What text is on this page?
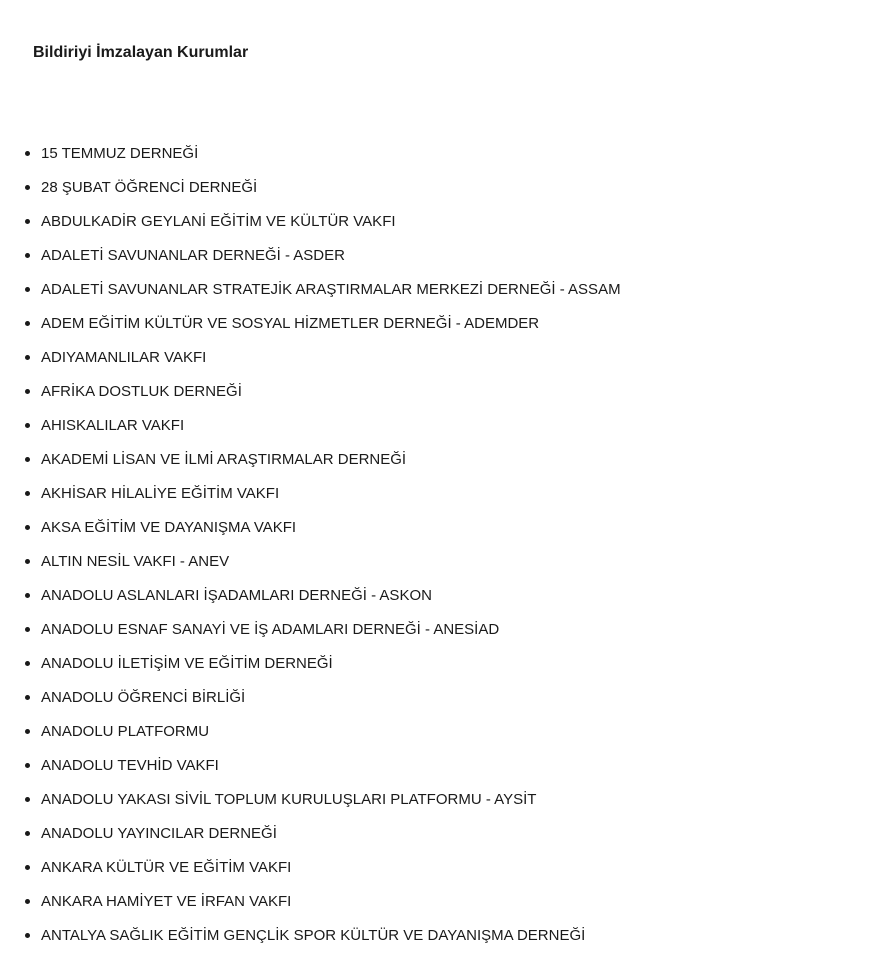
Bildiriyi İmzalayan Kurumlar
15 TEMMUZ DERNEĞİ
28 ŞUBAT ÖĞRENCİ DERNEĞİ
ABDULKADİR GEYLANİ EĞİTİM VE KÜLTÜR VAKFI
ADALETİ SAVUNANLAR DERNEĞİ - ASDER
ADALETİ SAVUNANLAR STRATEJİK ARAŞTIRMALAR MERKEZİ DERNEĞİ - ASSAM
ADEM EĞİTİM KÜLTÜR VE SOSYAL HİZMETLER DERNEĞİ - ADEMDER
ADIYAMANLILAR VAKFI
AFRİKA DOSTLUK DERNEĞİ
AHISKALILAR VAKFI
AKADEMİ LİSAN VE İLMİ ARAŞTIRMALAR DERNEĞİ
AKHİSAR HİLALİYE EĞİTİM VAKFI
AKSA EĞİTİM VE DAYANIŞMA VAKFI
ALTIN NESİL VAKFI - ANEV
ANADOLU ASLANLARI İŞADAMLARI DERNEĞİ - ASKON
ANADOLU ESNAF SANAYİ VE İŞ ADAMLARI DERNEĞİ - ANESİAD
ANADOLU İLETİŞİM VE EĞİTİM DERNEĞİ
ANADOLU ÖĞRENCİ BİRLİĞİ
ANADOLU PLATFORMU
ANADOLU TEVHİD VAKFI
ANADOLU YAKASI SİVİL TOPLUM KURULUŞLARI PLATFORMU - AYSİT
ANADOLU YAYINCILAR DERNEĞİ
ANKARA KÜLTÜR VE EĞİTİM VAKFI
ANKARA HAMİYET VE İRFAN VAKFI
ANTALYA SAĞLIK EĞİTİM GENÇLİK SPOR KÜLTÜR VE DAYANIŞMA DERNEĞİ
